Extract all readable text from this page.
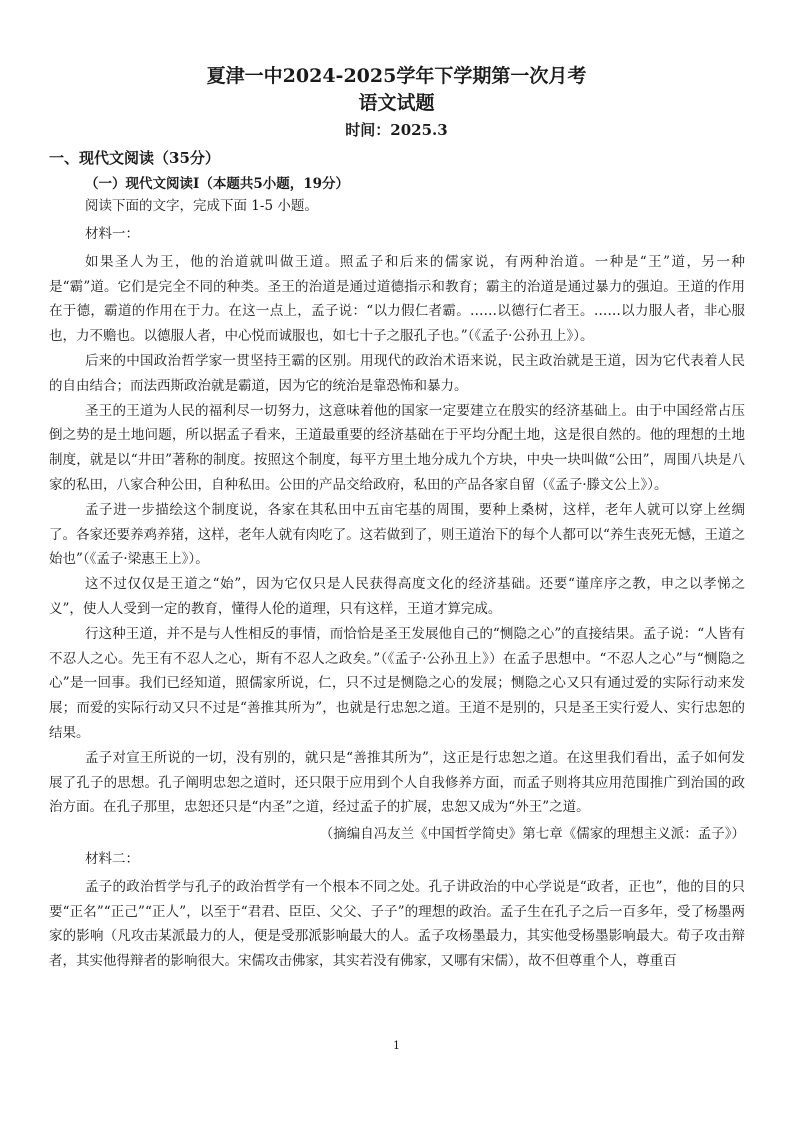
夏津一中2024-2025学年下学期第一次月考
语文试题
时间：2025.3
一、现代文阅读（35分）
（一）现代文阅读Ⅰ（本题共5小题，19分）
阅读下面的文字，完成下面 1-5 小题。

材料一：

如果圣人为王，他的治道就叫做王道。照孟子和后来的儒家说，有两种治道。一种是“王”道，另一种是“霸”道。它们是完全不同的种类。圣王的治道是通过道德指示和教育；霸主的治道是通过暴力的强迫。王道的作用在于德，霸道的作用在于力。在这一点上，孟子说：“以力假仁者霸。……以德行仁者王。……以力服人者，非心服也，力不赡也。以德服人者，中心悦而诚服也，如七十子之服孔子也。”（《孟子·公孙丑上》）。

后来的中国政治哲学家一贯坚持王霸的区别。用现代的政治术语来说，民主政治就是王道，因为它代表着人民的自由结合；而法西斯政治就是霸道，因为它的统治是靠恐怖和暴力。

圣王的王道为人民的福利尽一切努力，这意味着他的国家一定要建立在殷实的经济基础上。由于中国经常占压倒之势的是土地问题，所以据孟子看来，王道最重要的经济基础在于平均分配土地，这是很自然的。他的理想的土地制度，就是以“井田”著称的制度。按照这个制度，每平方里土地分成九个方块，中央一块叫做“公田”，周围八块是八家的私田，八家合种公田，自种私田。公田的产品交给政府，私田的产品各家自留（《孟子·滕文公上》）。

孟子进一步描绘这个制度说，各家在其私田中五亩宅基的周围，要种上桑树，这样，老年人就可以穿上丝绸了。各家还要养鸡养猪，这样，老年人就有肉吃了。这若做到了，则王道治下的每个人都可以“养生丧死无憾，王道之始也”（《孟子·梁惠王上》）。

这不过仅仅是王道之“始”，因为它仅只是人民获得高度文化的经济基础。还要“谨庠序之教，申之以孝悌之义”，使人人受到一定的教育，懂得人伦的道理，只有这样，王道才算完成。

行这种王道，并不是与人性相反的事情，而恰恰是圣王发展他自己的“恻隐之心”的直接结果。孟子说：“人皆有不忍人之心。先王有不忍人之心，斯有不忍人之政矣。”（《孟子·公孙丑上》）在孟子思想中。“不忍人之心”与“恻隐之心”是一回事。我们已经知道，照儒家所说，仁，只不过是恻隐之心的发展；恻隐之心又只有通过爱的实际行动来发展；而爱的实际行动又只不过是“善推其所为”，也就是行忠恕之道。王道不是别的，只是圣王实行爱人、实行忠恕的结果。

孟子对宣王所说的一切，没有别的，就只是“善推其所为”，这正是行忠恕之道。在这里我们看出，孟子如何发展了孔子的思想。孔子阐明忠恕之道时，还只限于应用到个人自我修养方面，而孟子则将其应用范围推广到治国的政治方面。在孔子那里，忠恕还只是“内圣”之道，经过孟子的扩展，忠恕又成为“外王”之道。

（摘编自冯友兰《中国哲学简史》第七章《儒家的理想主义派：孟子》）

材料二：

孟子的政治哲学与孔子的政治哲学有一个根本不同之处。孔子讲政治的中心学说是“政者，正也”，他的目的只要“正名”“正己”“正人”，以至于“君君、臣臣、父父、子子”的理想的政治。孟子生在孔子之后一百多年，受了杨墨两家的影响（凡攻击某派最力的人，便是受那派影响最大的人。孟子攻杨墨最力，其实他受杨墨影响最大。荀子攻击辩者，其实他得辩者的影响很大。宋儒攻击佛家，其实若没有佛家，又哪有宋儒），故不但尊重个人，尊重百

1
